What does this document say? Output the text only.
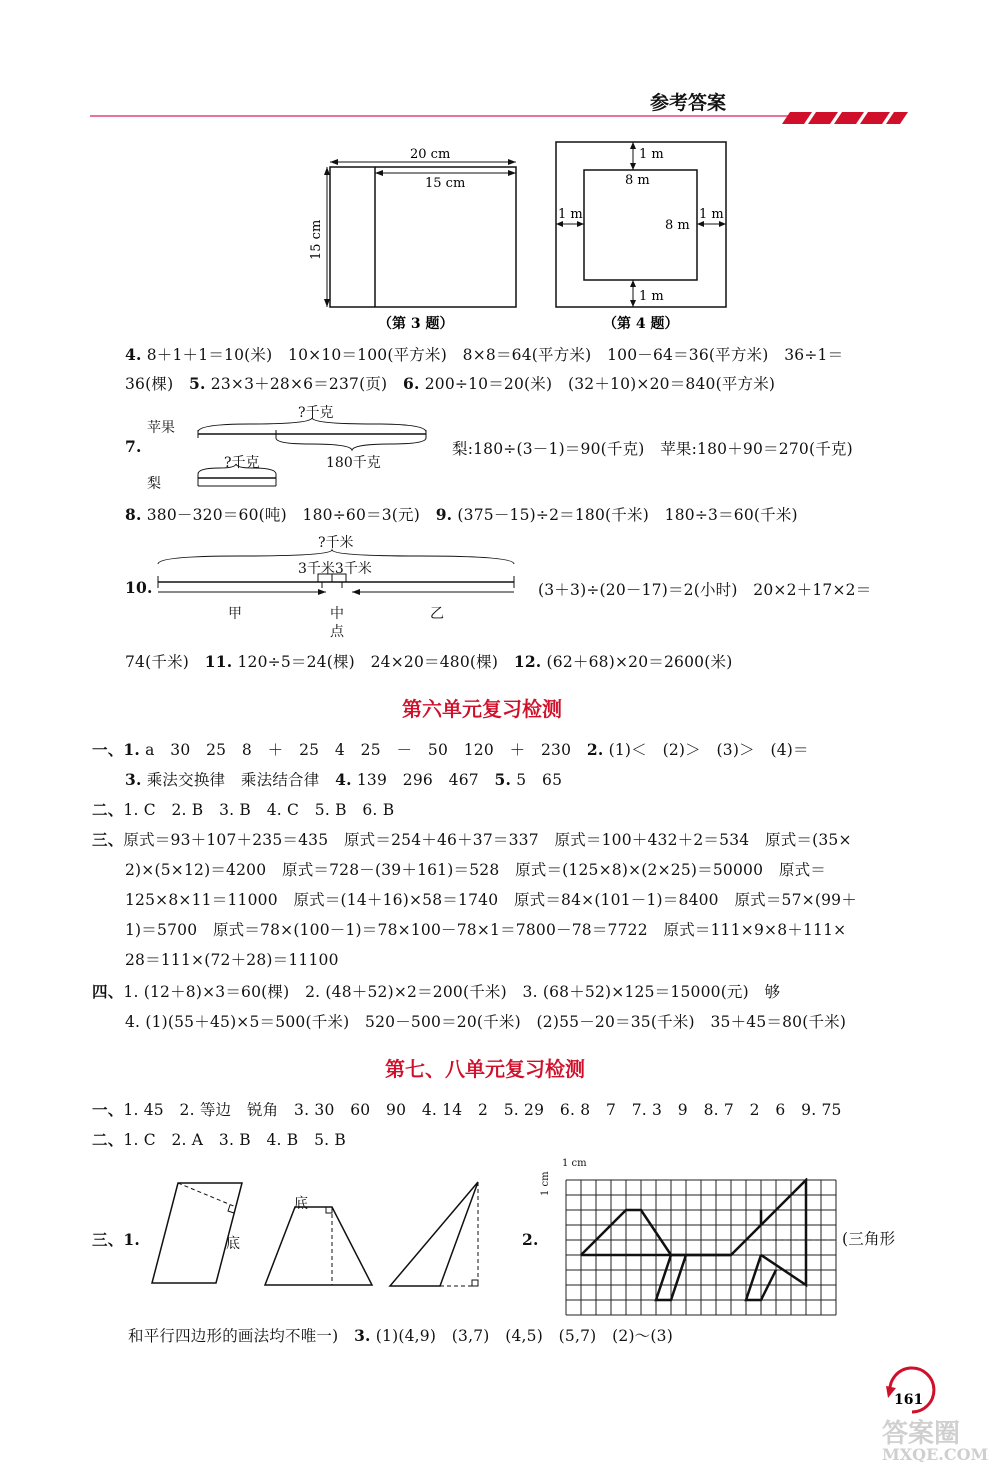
参考答案
20 cm
15 cm
15 cm
（第 3 题）
1 m
8 m
1 m
8 m
1 m
1 m
（第 4 题）
4. 8＋1＋1＝10(米)　10×10＝100(平方米)　8×8＝64(平方米)　100－64＝36(平方米)　36÷1＝
36(棵)　 5. 23×3＋28×6＝237(页)　 6. 200÷10＝20(米)　(32＋10)×20＝840(平方米)
7.
苹果
梨
?千克
?千克	180千克
梨:180÷(3－1)＝90(千克)　苹果:180＋90＝270(千克)
8. 380－320＝60(吨)　180÷60＝3(元)　 9. (375－15)÷2＝180(千米)　180÷3＝60(千米)
10.
?千米
3千米3千米
甲	中
点
乙
(3＋3)÷(20－17)＝2(小时)　20×2＋17×2＝
74(千米)　 11. 120÷5＝24(棵)　24×20＝480(棵)　 12. (62＋68)×20＝2600(米)
第六单元复习检测
一、1. a　30　25　8　＋　25　4　25　－　50　120　＋　230　 2. (1)＜　(2)＞　(3)＞　(4)＝
3. 乘法交换律　乘法结合律　 4. 139　296　467　 5. 5　65
二、1. C　2. B　3. B　4. C　5. B　6. B
三、原式＝93＋107＋235＝435　原式＝254＋46＋37＝337　原式＝100＋432＋2＝534　原式＝(35×
2)×(5×12)＝4200　原式＝728－(39＋161)＝528　原式＝(125×8)×(2×25)＝50000　原式＝
125×8×11＝11000　原式＝(14＋16)×58＝1740　原式＝84×(101－1)＝8400　原式＝57×(99＋
1)＝5700　原式＝78×(100－1)＝78×100－78×1＝7800－78＝7722　原式＝111×9×8＋111×
28＝111×(72＋28)＝11100
四、1. (12＋8)×3＝60(棵)　2. (48＋52)×2＝200(千米)　3. (68＋52)×125＝15000(元)　够
4. (1)(55＋45)×5＝500(千米)　520－500＝20(千米)　(2)55－20＝35(千米)　35＋45＝80(千米)
第七、八单元复习检测
一、1. 45　2. 等边　锐角　3. 30　60　90　4. 14　2　5. 29　6. 8　7　7. 3　9　8. 7　2　6　9. 75
二、1. C　2. A　3. B　4. B　5. B
三、1.	底
底
2.
1 cm
1 cm
(三角形
和平行四边形的画法均不唯一)　 3. (1)(4,9)　(3,7)　(4,5)　(5,7)　(2)～(3)
161
答案圈
MXQE.COM
